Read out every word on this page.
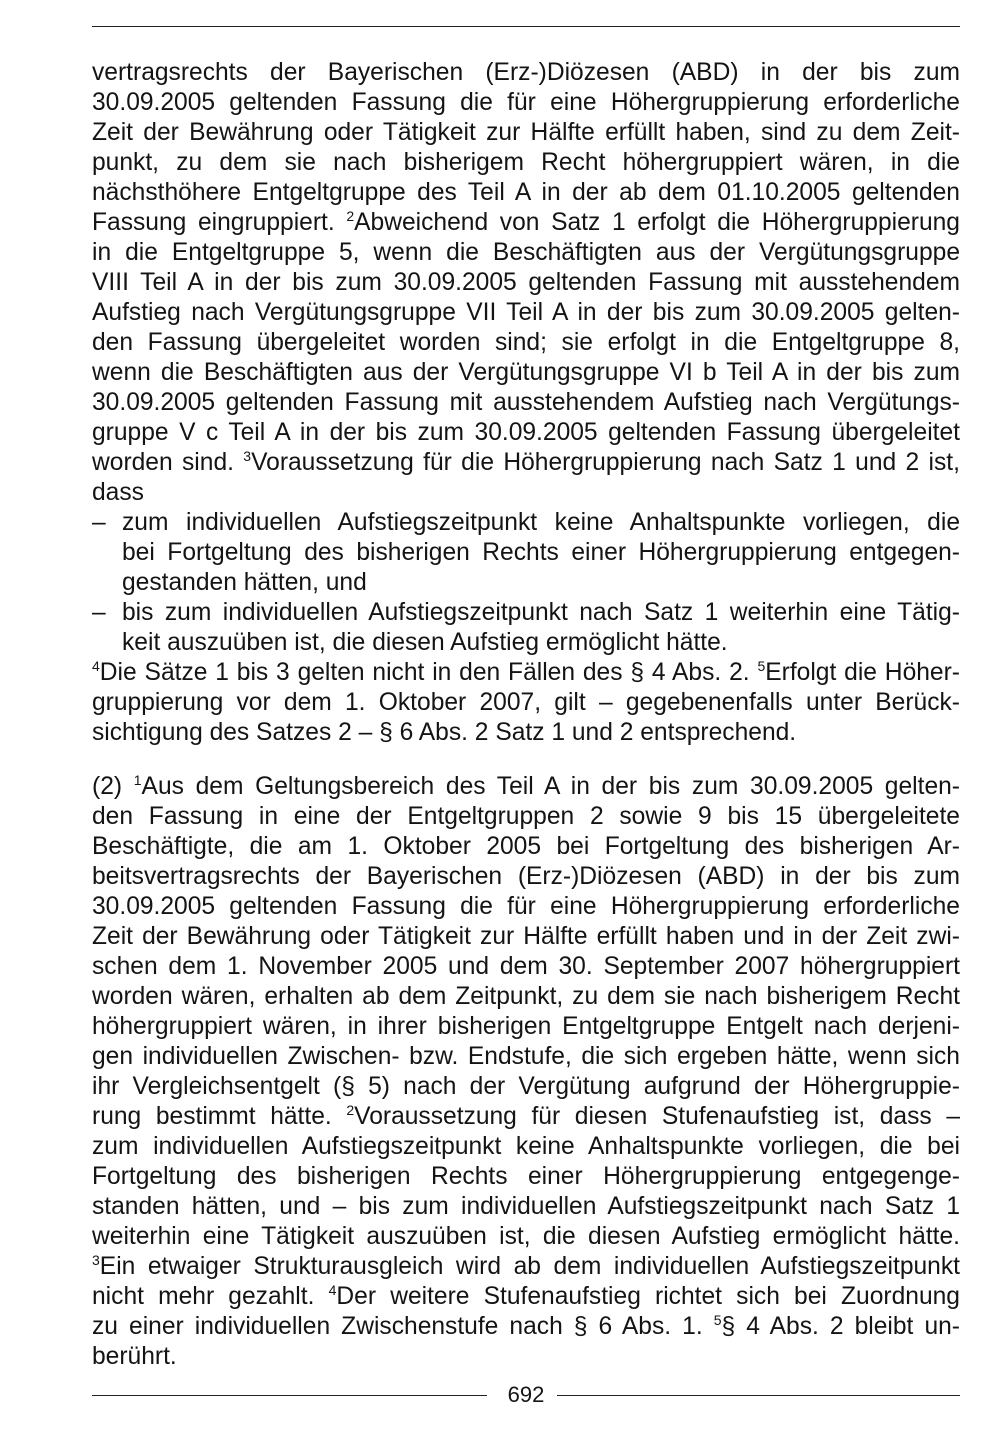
vertragsrechts der Bayerischen (Erz-)Diözesen (ABD) in der bis zum
30.09.2005 geltenden Fassung die für eine Höhergruppierung erforderliche
Zeit der Bewährung oder Tätigkeit zur Hälfte erfüllt haben, sind zu dem Zeit-
punkt, zu dem sie nach bisherigem Recht höhergruppiert wären, in die
nächsthöhere Entgeltgruppe des Teil A in der ab dem 01.10.2005 geltenden
Fassung eingruppiert. $^2$Abweichend von Satz 1 erfolgt die Höhergruppierung
in die Entgeltgruppe 5, wenn die Beschäftigten aus der Vergütungsgruppe
VIII Teil A in der bis zum 30.09.2005 geltenden Fassung mit ausstehendem
Aufstieg nach Vergütungsgruppe VII Teil A in der bis zum 30.09.2005 gelten-
den Fassung übergeleitet worden sind; sie erfolgt in die Entgeltgruppe 8,
wenn die Beschäftigten aus der Vergütungsgruppe VI b Teil A in der bis zum
30.09.2005 geltenden Fassung mit ausstehendem Aufstieg nach Vergütungs-
gruppe V c Teil A in der bis zum 30.09.2005 geltenden Fassung übergeleitet
worden sind. $^3$Voraussetzung für die Höhergruppierung nach Satz 1 und 2 ist,
dass
– zum individuellen Aufstiegszeitpunkt keine Anhaltspunkte vorliegen, die
bei Fortgeltung des bisherigen Rechts einer Höhergruppierung entgegen-
gestanden hätten, und
– bis zum individuellen Aufstiegszeitpunkt nach Satz 1 weiterhin eine Tätig-
keit auszuüben ist, die diesen Aufstieg ermöglicht hätte.
$^4$Die Sätze 1 bis 3 gelten nicht in den Fällen des § 4 Abs. 2. $^5$Erfolgt die Höher-
gruppierung vor dem 1. Oktober 2007, gilt – gegebenenfalls unter Berück-
sichtigung des Satzes 2 – § 6 Abs. 2 Satz 1 und 2 entsprechend.
(2) $^1$Aus dem Geltungsbereich des Teil A in der bis zum 30.09.2005 gelten-
den Fassung in eine der Entgeltgruppen 2 sowie 9 bis 15 übergeleitete
Beschäftigte, die am 1. Oktober 2005 bei Fortgeltung des bisherigen Ar-
beitsvertragsrechts der Bayerischen (Erz-)Diözesen (ABD) in der bis zum
30.09.2005 geltenden Fassung die für eine Höhergruppierung erforderliche
Zeit der Bewährung oder Tätigkeit zur Hälfte erfüllt haben und in der Zeit zwi-
schen dem 1. November 2005 und dem 30. September 2007 höhergruppiert
worden wären, erhalten ab dem Zeitpunkt, zu dem sie nach bisherigem Recht
höhergruppiert wären, in ihrer bisherigen Entgeltgruppe Entgelt nach derjeni-
gen individuellen Zwischen- bzw. Endstufe, die sich ergeben hätte, wenn sich
ihr Vergleichsentgelt (§ 5) nach der Vergütung aufgrund der Höhergruppie-
rung bestimmt hätte. $^2$Voraussetzung für diesen Stufenaufstieg ist, dass –
zum individuellen Aufstiegszeitpunkt keine Anhaltspunkte vorliegen, die bei
Fortgeltung des bisherigen Rechts einer Höhergruppierung entgegenge-
standen hätten, und – bis zum individuellen Aufstiegszeitpunkt nach Satz 1
weiterhin eine Tätigkeit auszuüben ist, die diesen Aufstieg ermöglicht hätte.
$^3$Ein etwaiger Strukturausgleich wird ab dem individuellen Aufstiegszeitpunkt
nicht mehr gezahlt. $^4$Der weitere Stufenaufstieg richtet sich bei Zuordnung
zu einer individuellen Zwischenstufe nach § 6 Abs. 1. $^5$§ 4 Abs. 2 bleibt un-
berührt.
692
